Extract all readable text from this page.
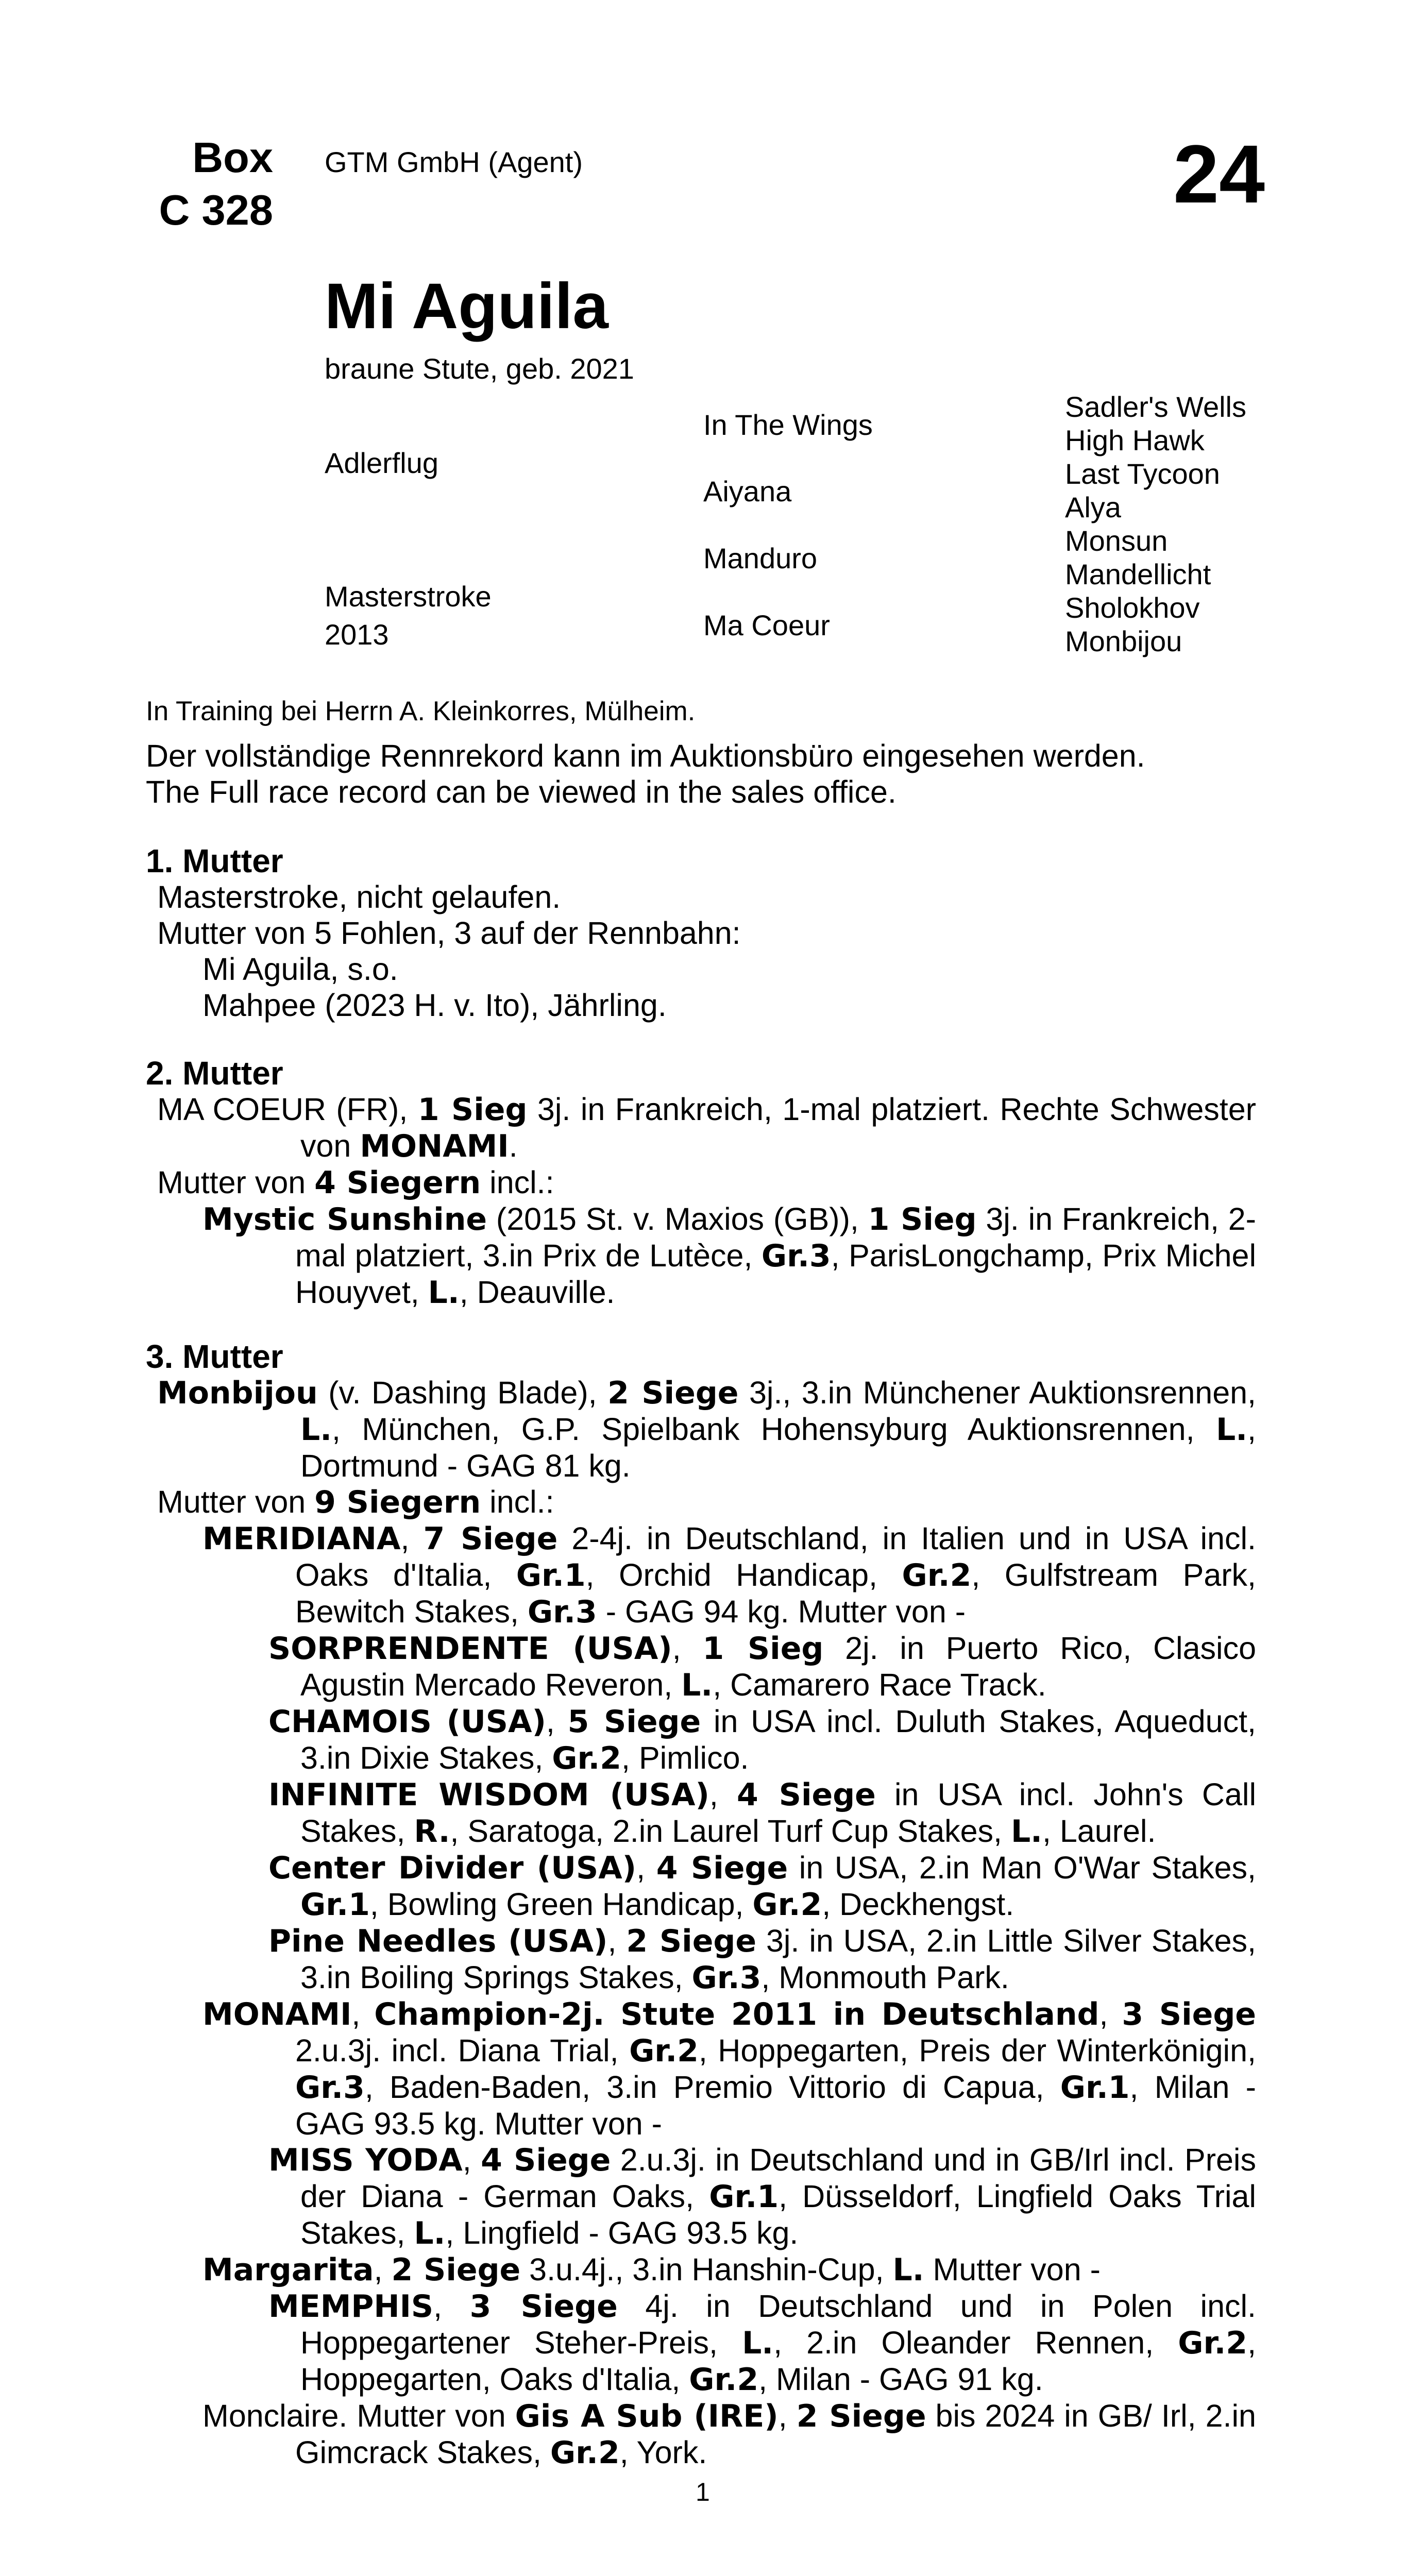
Box
C 328
GTM GmbH (Agent)	24
Mi Aguila
braune Stute, geb. 2021
Adlerflug
Masterstroke
2013
In The Wings
Aiyana
Manduro
Ma Coeur
Sadler's Wells
High Hawk
Last Tycoon
Alya
Monsun
Mandellicht
Sholokhov
Monbijou
In Training bei Herrn A. Kleinkorres, Mülheim.
Der vollständige Rennrekord kann im Auktionsbüro eingesehen werden.
The Full race record can be viewed in the sales office.

1. Mutter

Masterstroke, nicht gelaufen.

Mutter von 5 Fohlen, 3 auf der Rennbahn:

Mi Aguila, s.o.

Mahpee (2023 H. v. Ito), Jährling.

2. Mutter

MA COEUR (FR), 1 Sieg 3j. in Frankreich, 1-mal platziert. Rechte Schwester von MONAMI.

Mutter von 4 Siegern incl.:

Mystic Sunshine (2015 St. v. Maxios (GB)), 1 Sieg 3j. in Frankreich, 2-mal platziert, 3.in Prix de Lutèce, Gr.3, ParisLongchamp, Prix Michel Houyvet, L., Deauville.

3. Mutter

Monbijou (v. Dashing Blade), 2 Siege 3j., 3.in Münchener Auktionsrennen, L., München, G.P. Spielbank Hohensyburg Auktionsrennen, L., Dortmund - GAG 81 kg.

Mutter von 9 Siegern incl.:

MERIDIANA, 7 Siege 2-4j. in Deutschland, in Italien und in USA incl. Oaks d'Italia, Gr.1, Orchid Handicap, Gr.2, Gulfstream Park, Bewitch Stakes, Gr.3 - GAG 94 kg. Mutter von -

SORPRENDENTE (USA), 1 Sieg 2j. in Puerto Rico, Clasico Agustin Mercado Reveron, L., Camarero Race Track.

CHAMOIS (USA), 5 Siege in USA incl. Duluth Stakes, Aqueduct, 3.in Dixie Stakes, Gr.2, Pimlico.

INFINITE WISDOM (USA), 4 Siege in USA incl. John's Call Stakes, R., Saratoga, 2.in Laurel Turf Cup Stakes, L., Laurel.

Center Divider (USA), 4 Siege in USA, 2.in Man O'War Stakes, Gr.1, Bowling Green Handicap, Gr.2, Deckhengst.

Pine Needles (USA), 2 Siege 3j. in USA, 2.in Little Silver Stakes, 3.in Boiling Springs Stakes, Gr.3, Monmouth Park.

MONAMI, Champion-2j. Stute 2011 in Deutschland, 3 Siege 2.u.3j. incl. Diana Trial, Gr.2, Hoppegarten, Preis der Winterkönigin, Gr.3, Baden-Baden, 3.in Premio Vittorio di Capua, Gr.1, Milan - GAG 93.5 kg. Mutter von -

MISS YODA, 4 Siege 2.u.3j. in Deutschland und in GB/Irl incl. Preis der Diana - German Oaks, Gr.1, Düsseldorf, Lingfield Oaks Trial Stakes, L., Lingfield - GAG 93.5 kg.

Margarita, 2 Siege 3.u.4j., 3.in Hanshin-Cup, L. Mutter von -

MEMPHIS, 3 Siege 4j. in Deutschland und in Polen incl. Hoppegartener Steher-Preis, L., 2.in Oleander Rennen, Gr.2, Hoppegarten, Oaks d'Italia, Gr.2, Milan - GAG 91 kg.

Monclaire. Mutter von Gis A Sub (IRE), 2 Siege bis 2024 in GB/ Irl, 2.in Gimcrack Stakes, Gr.2, York.

1
